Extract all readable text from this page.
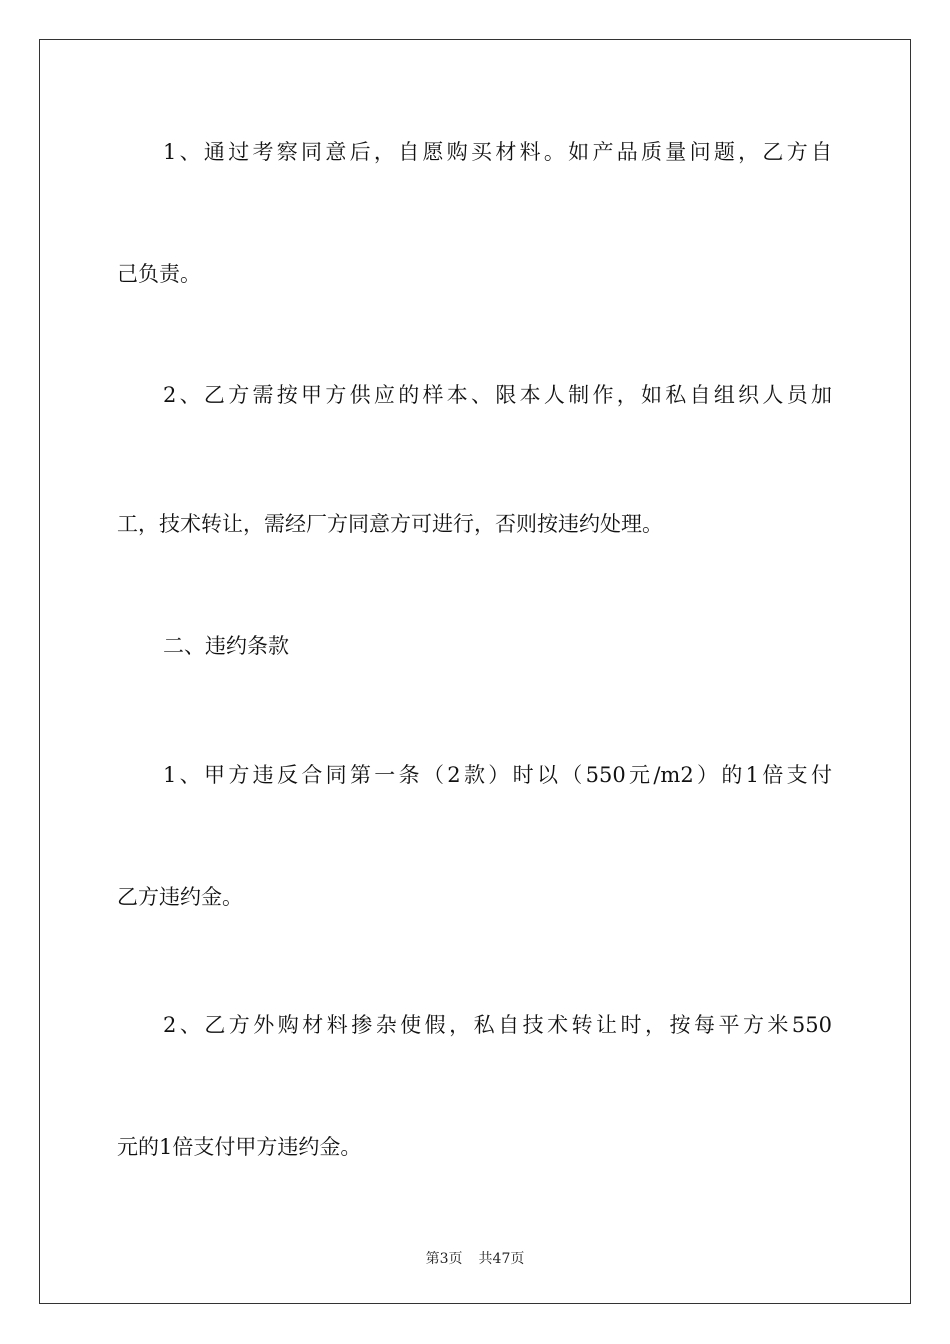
1、通过考察同意后，自愿购买材料。如产品质量问题，乙方自

己负责。

2、乙方需按甲方供应的样本、限本人制作，如私自组织人员加

工，技术转让，需经厂方同意方可进行，否则按违约处理。

二、违约条款

1、甲方违反合同第一条（2款）时以（550元/m2）的1倍支付

乙方违约金。

2、乙方外购材料掺杂使假，私自技术转让时，按每平方米550

元的1倍支付甲方违约金。

第3页 共47页
